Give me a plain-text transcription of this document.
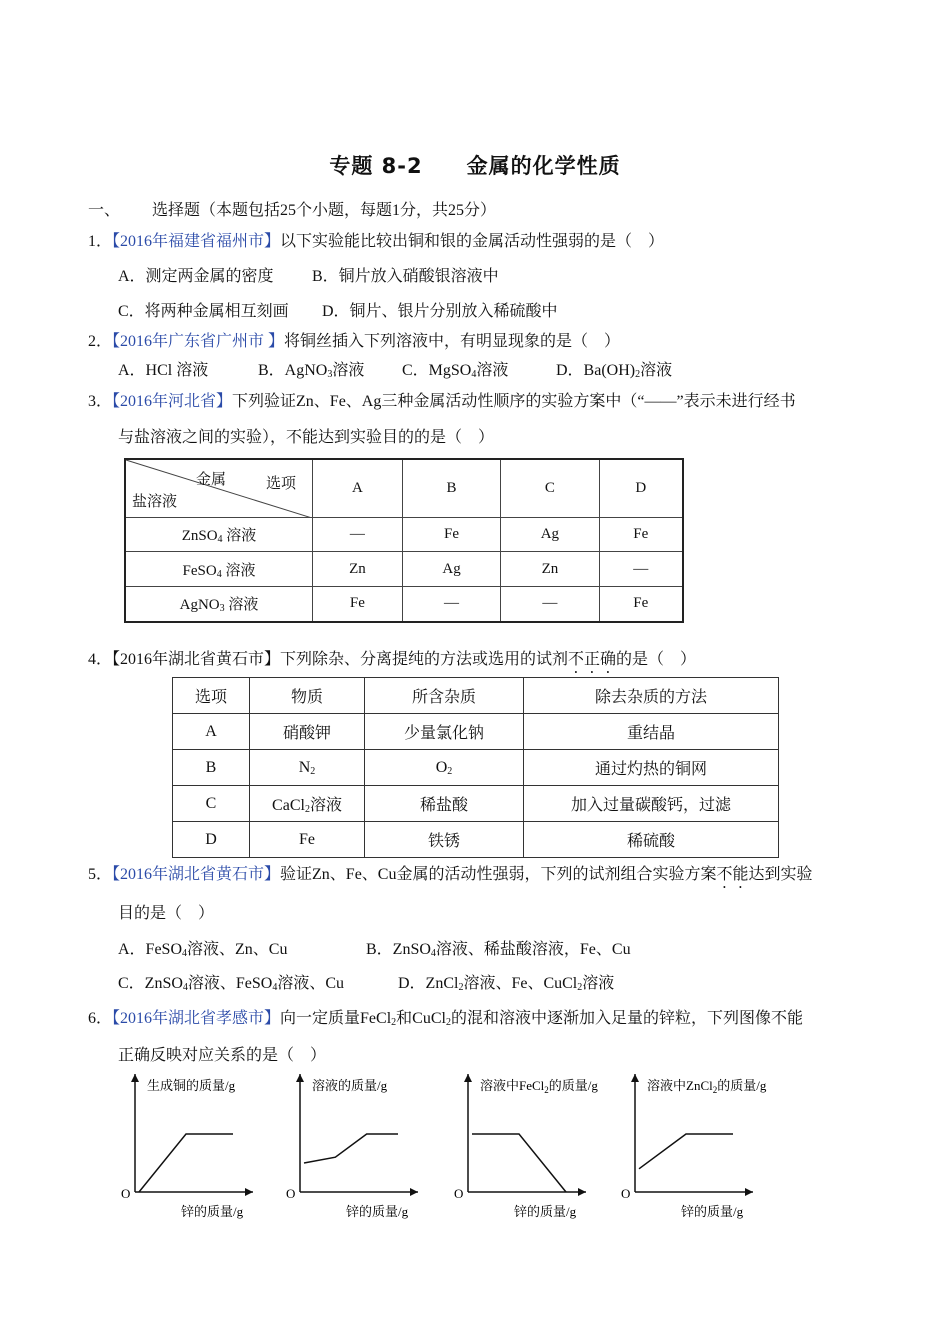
专题 8-2　　金属的化学性质
一、 选择题（本题包括25个小题，每题1分，共25分）
1．【2016年福建省福州市】以下实验能比较出铜和银的金属活动性强弱的是（　）
A．测定两金属的密度 B．铜片放入硝酸银溶液中
C．将两种金属相互刻画 D．铜片、银片分别放入稀硫酸中
2．【2016年广东省广州市 】将铜丝插入下列溶液中，有明显现象的是（　）
A．HCl 溶液	B．AgNO$_3$溶液 C．MgSO$_4$溶液	D．$Ba(OH)_2$溶液
3．【2016年河北省】下列验证Zn、Fe、Ag三种金属活动性顺序的实验方案中（“——”表示未进行经书
与盐溶液之间的实验），不能达到实验目的的是（　）
金属 选项
盐溶液	A	B	C	D
ZnSO$_4$ 溶液	—	Fe	Ag	Fe
FeSO$_4$ 溶液	Zn	Ag	Zn	—
AgNO$_3$ 溶液	Fe	—	—	Fe
4．【2016年湖北省黄石市】下列除杂、分离提纯的方法或选用的试剂不正确的是（　）
选项	物质	所含杂质	除去杂质的方法
A	硝酸钾	少量氯化钠	重结晶
B	$N_2$	$O_2$	通过灼热的铜网
C	CaCl$_2$溶液	稀盐酸	加入过量碳酸钙，过滤
D	Fe	铁锈	稀硫酸
5．【2016年湖北省黄石市】验证Zn、Fe、Cu金属的活动性强弱，下列的试剂组合实验方案不能达到实验
目的是（　）
A．FeSO$_4$溶液、Zn、Cu	B．ZnSO$_4$溶液、稀盐酸溶液，Fe、Cu
C．ZnSO$_4$溶液、FeSO$_4$溶液、Cu	D．ZnCl$_2$溶液、Fe、CuCl$_2$溶液
6．【2016年湖北省孝感市】向一定质量FeCl$_2$和CuCl$_2$的混和溶液中逐渐加入足量的锌粒，下列图像不能
正确反映对应关系的是（　）
O
生成铜的质量/g
锌的质量/g
O
溶液的质量/g
锌的质量/g
O
溶液中FeCl$_2$的质量/g
锌的质量/g
O
溶液中ZnCl$_2$的质量/g
锌的质量/g
